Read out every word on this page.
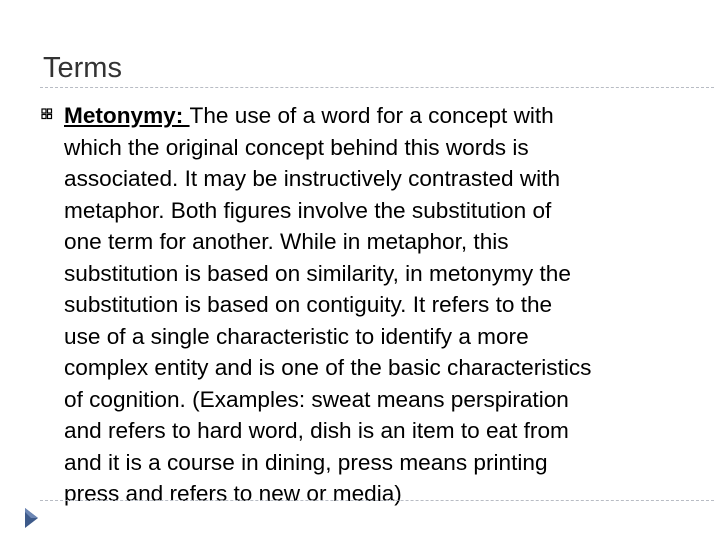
Terms
Metonymy: The use of a word for a concept with
which the original concept behind this words is
associated. It may be instructively contrasted with
metaphor. Both figures involve the substitution of
one term for another. While in metaphor, this
substitution is based on similarity, in metonymy the
substitution is based on contiguity. It refers to the
use of a single characteristic to identify a more
complex entity and is one of the basic characteristics
of cognition. (Examples: sweat means perspiration
and refers to hard word, dish is an item to eat from
and it is a course in dining, press means printing
press and refers to new or media)
